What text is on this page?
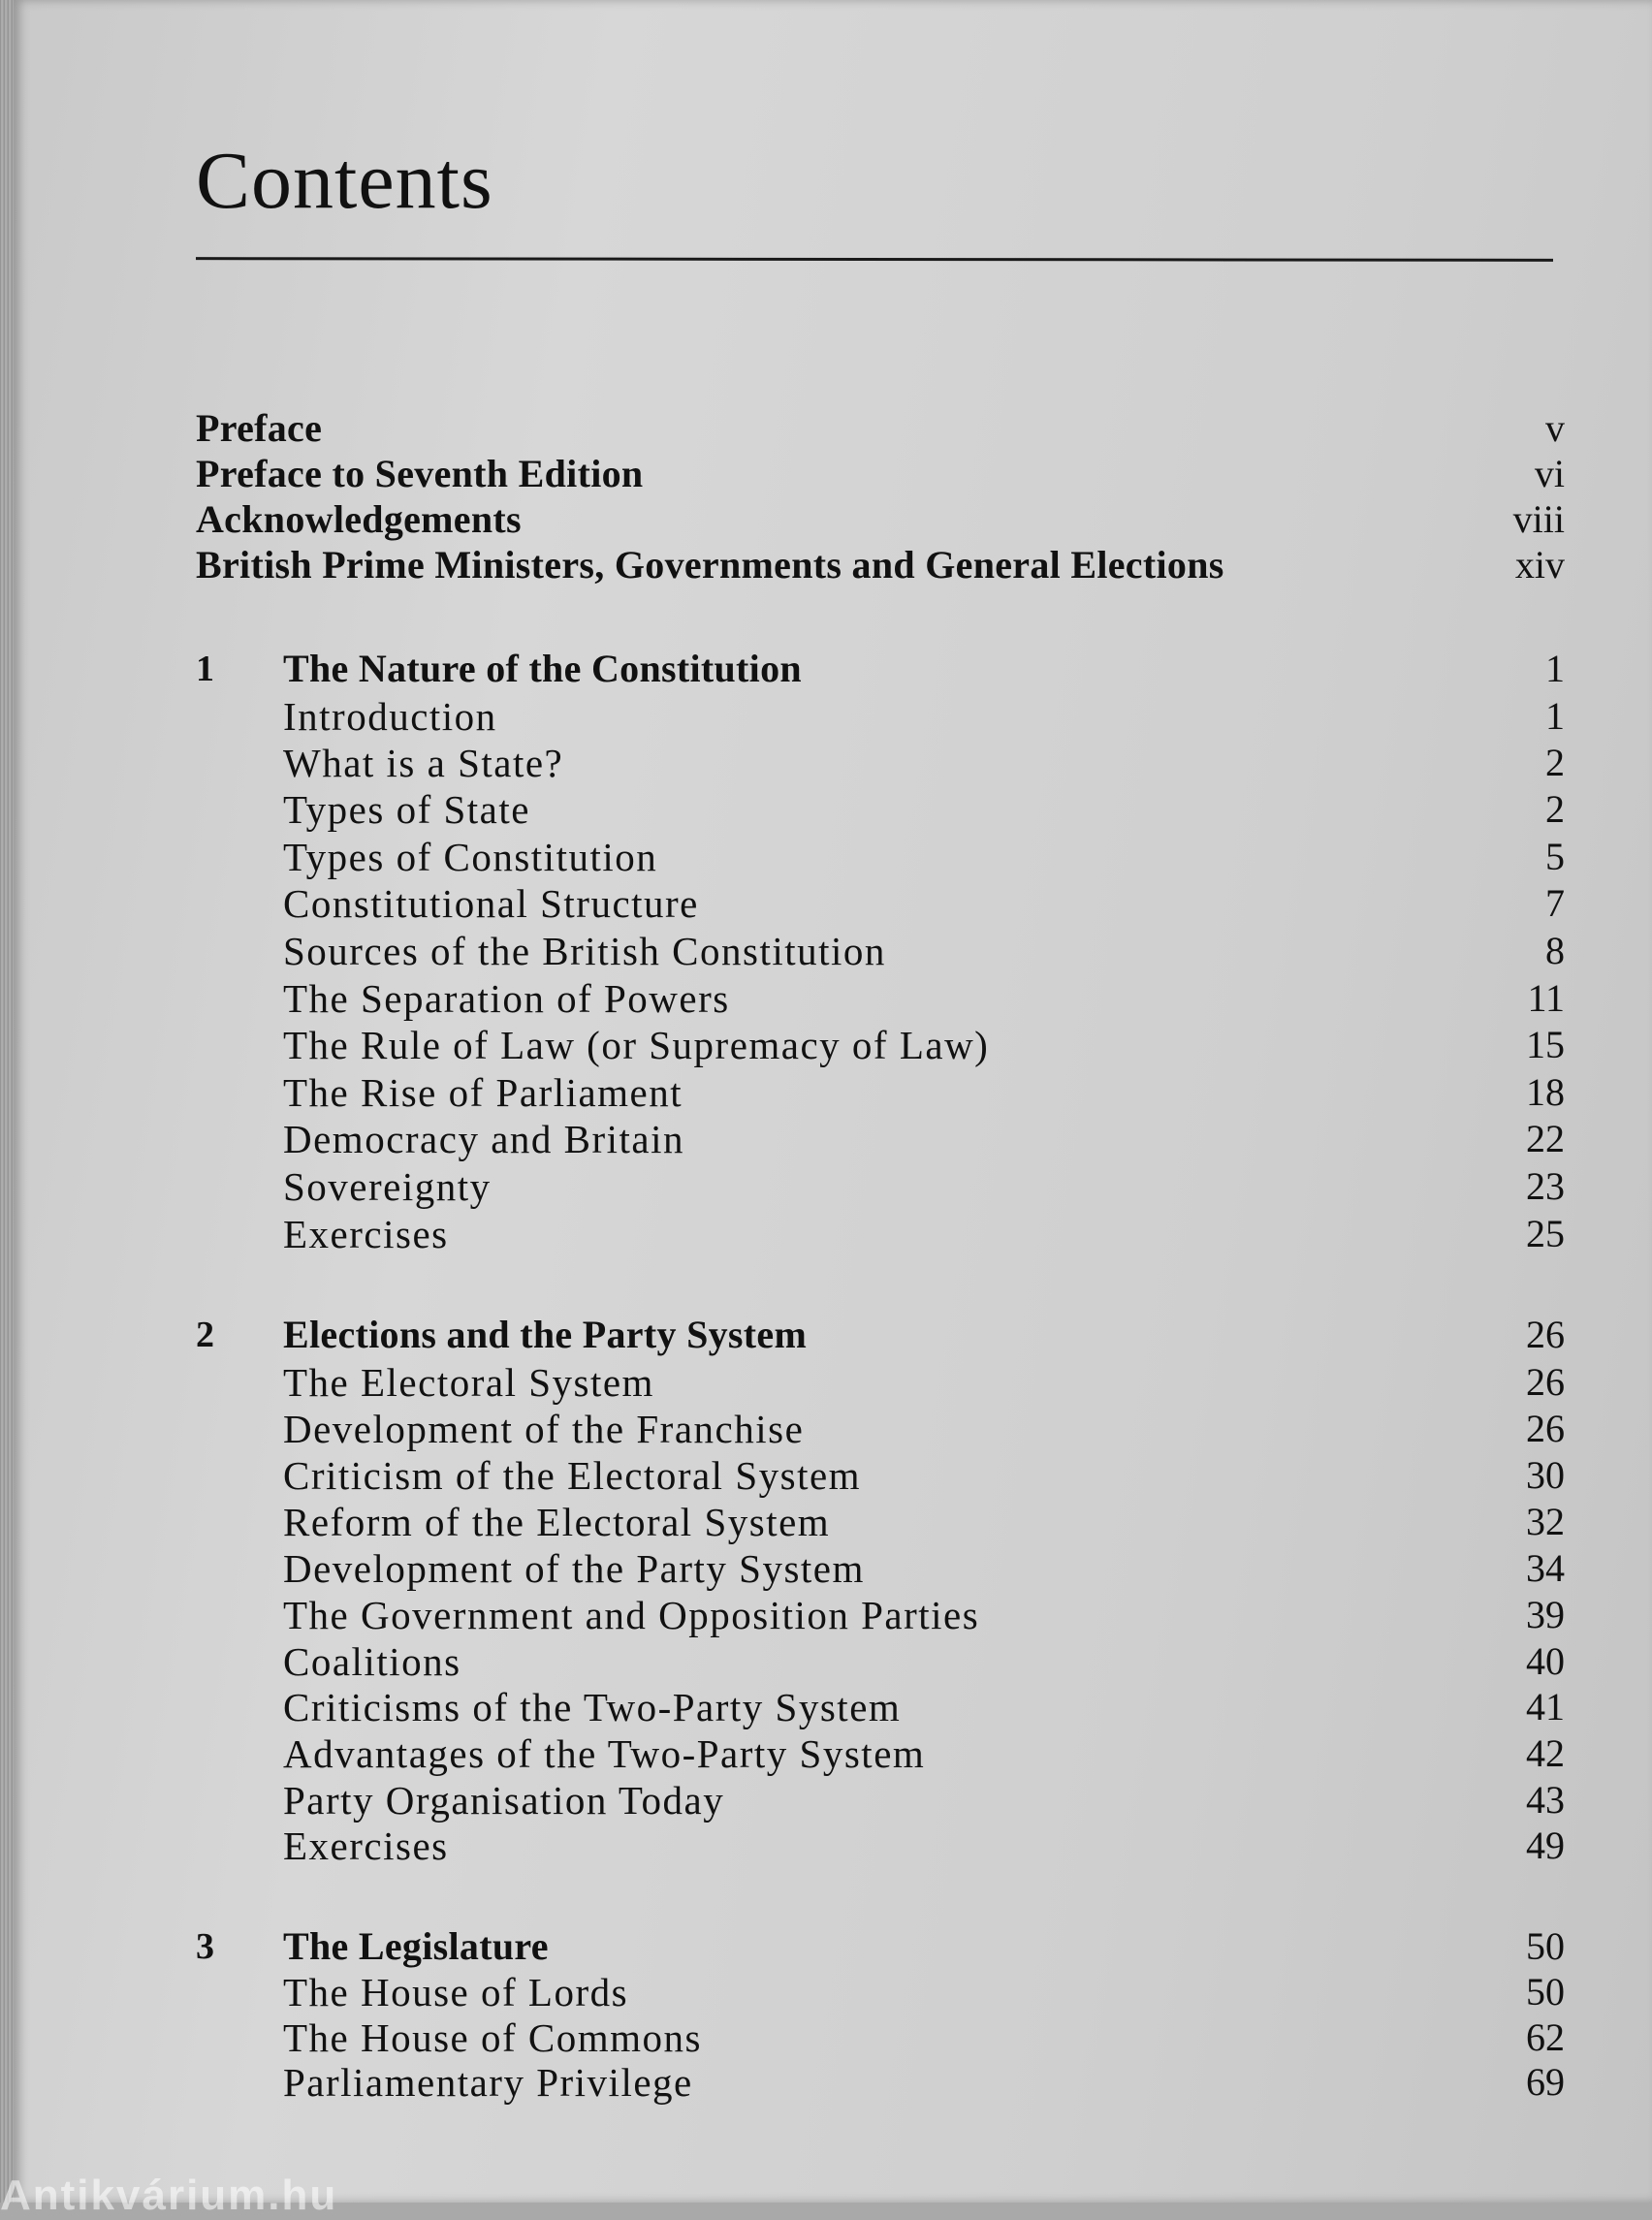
Contents
Preface	v
Preface to Seventh Edition	vi
Acknowledgements	viii
British Prime Ministers, Governments and General Elections	xiv
1 The Nature of the Constitution	1
Introduction	1
What is a State?	2
Types of State	2
Types of Constitution	5
Constitutional Structure	7
Sources of the British Constitution	8
The Separation of Powers	11
The Rule of Law (or Supremacy of Law)	15
The Rise of Parliament	18
Democracy and Britain	22
Sovereignty	23
Exercises	25
2 Elections and the Party System	26
The Electoral System	26
Development of the Franchise	26
Criticism of the Electoral System	30
Reform of the Electoral System	32
Development of the Party System	34
The Government and Opposition Parties	39
Coalitions	40
Criticisms of the Two-Party System	41
Advantages of the Two-Party System	42
Party Organisation Today	43
Exercises	49
3 The Legislature	50
The House of Lords	50
The House of Commons	62
Parliamentary Privilege	69
Antikvárium.hu
